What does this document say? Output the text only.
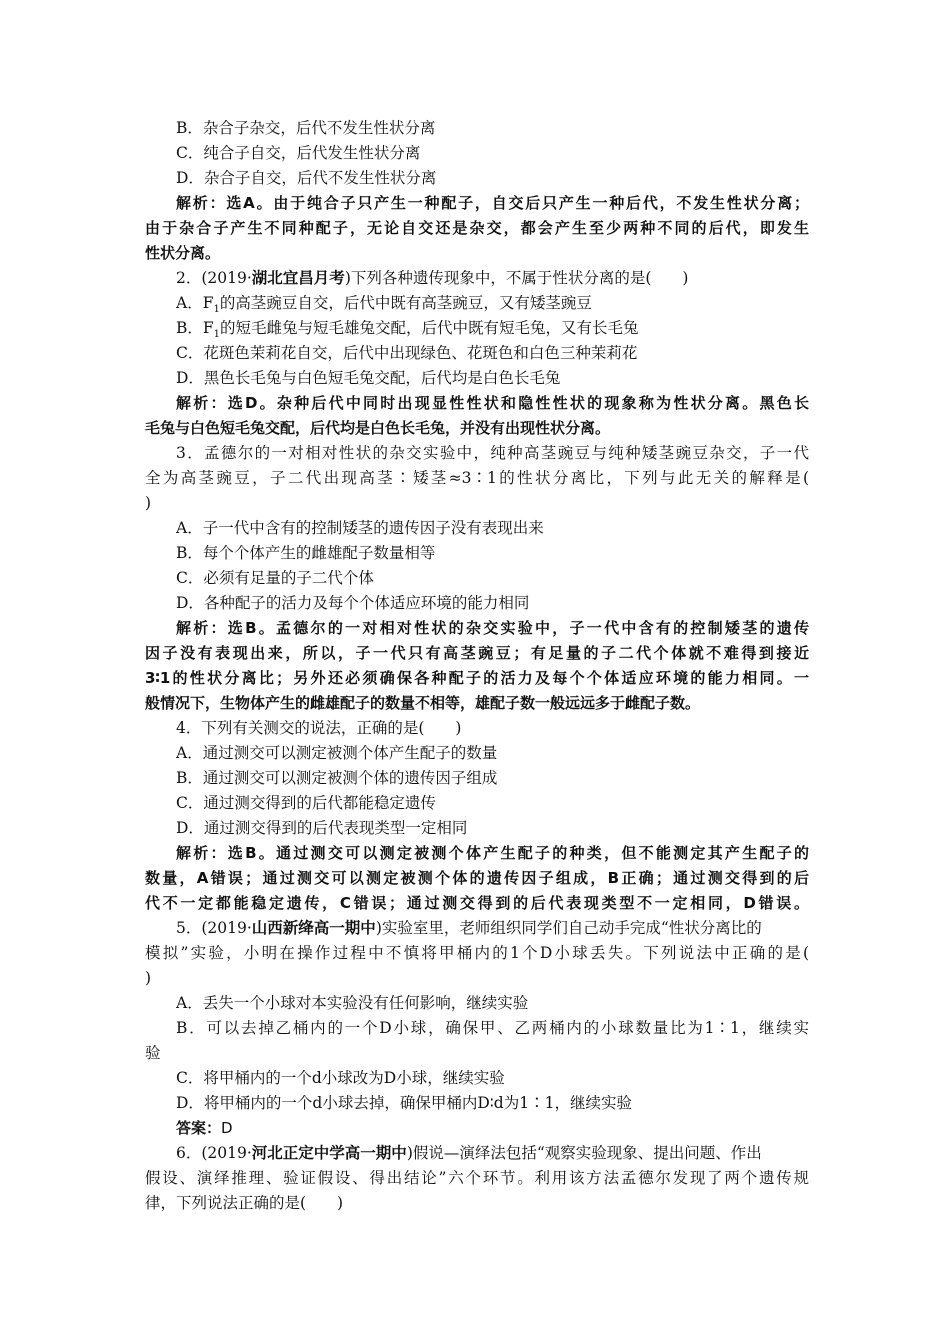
B．杂合子杂交，后代不发生性状分离
C．纯合子自交，后代发生性状分离
D．杂合子自交，后代不发生性状分离
解析：选A。由于纯合子只产生一种配子，自交后只产生一种后代，不发生性状分离；
由于杂合子产生不同种配子，无论自交还是杂交，都会产生至少两种不同的后代，即发生
性状分离。
2．(2019·湖北宜昌月考)下列各种遗传现象中，不属于性状分离的是(　　)
A．$F_1$的高茎豌豆自交，后代中既有高茎豌豆，又有矮茎豌豆
B．$F_1$的短毛雌兔与短毛雄兔交配，后代中既有短毛兔，又有长毛兔
C．花斑色茉莉花自交，后代中出现绿色、花斑色和白色三种茉莉花
D．黑色长毛兔与白色短毛兔交配，后代均是白色长毛兔
解析：选D。杂种后代中同时出现显性性状和隐性性状的现象称为性状分离。黑色长
毛兔与白色短毛兔交配，后代均是白色长毛兔，并没有出现性状分离。
3．孟德尔的一对相对性状的杂交实验中，纯种高茎豌豆与纯种矮茎豌豆杂交，子一代
全为高茎豌豆，子二代出现高茎∶矮茎≈3∶1的性状分离比，下列与此无关的解释是(
)
A．子一代中含有的控制矮茎的遗传因子没有表现出来
B．每个个体产生的雌雄配子数量相等
C．必须有足量的子二代个体
D．各种配子的活力及每个个体适应环境的能力相同
解析：选B。孟德尔的一对相对性状的杂交实验中，子一代中含有的控制矮茎的遗传
因子没有表现出来，所以，子一代只有高茎豌豆；有足量的子二代个体就不难得到接近
3∶1的性状分离比；另外还必须确保各种配子的活力及每个个体适应环境的能力相同。一
般情况下，生物体产生的雌雄配子的数量不相等，雄配子数一般远远多于雌配子数。
4．下列有关测交的说法，正确的是(　　)
A．通过测交可以测定被测个体产生配子的数量
B．通过测交可以测定被测个体的遗传因子组成
C．通过测交得到的后代都能稳定遗传
D．通过测交得到的后代表现类型一定相同
解析：选B。通过测交可以测定被测个体产生配子的种类，但不能测定其产生配子的
数量，A错误；通过测交可以测定被测个体的遗传因子组成，B正确；通过测交得到的后
代不一定都能稳定遗传，C错误；通过测交得到的后代表现类型不一定相同，D错误。
5．(2019·山西新绛高一期中)实验室里，老师组织同学们自己动手完成“性状分离比的
模拟”实验，小明在操作过程中不慎将甲桶内的1个D小球丢失。下列说法中正确的是(
)
A．丢失一个小球对本实验没有任何影响，继续实验
B．可以去掉乙桶内的一个D小球，确保甲、乙两桶内的小球数量比为1∶1，继续实
验
C．将甲桶内的一个d小球改为D小球，继续实验
D．将甲桶内的一个d小球去掉，确保甲桶内D∶d为1∶1，继续实验
答案：D
6．(2019·河北正定中学高一期中)假说—演绎法包括“观察实验现象、提出问题、作出
假设、演绎推理、验证假设、得出结论”六个环节。利用该方法孟德尔发现了两个遗传规
律，下列说法正确的是(　　)
